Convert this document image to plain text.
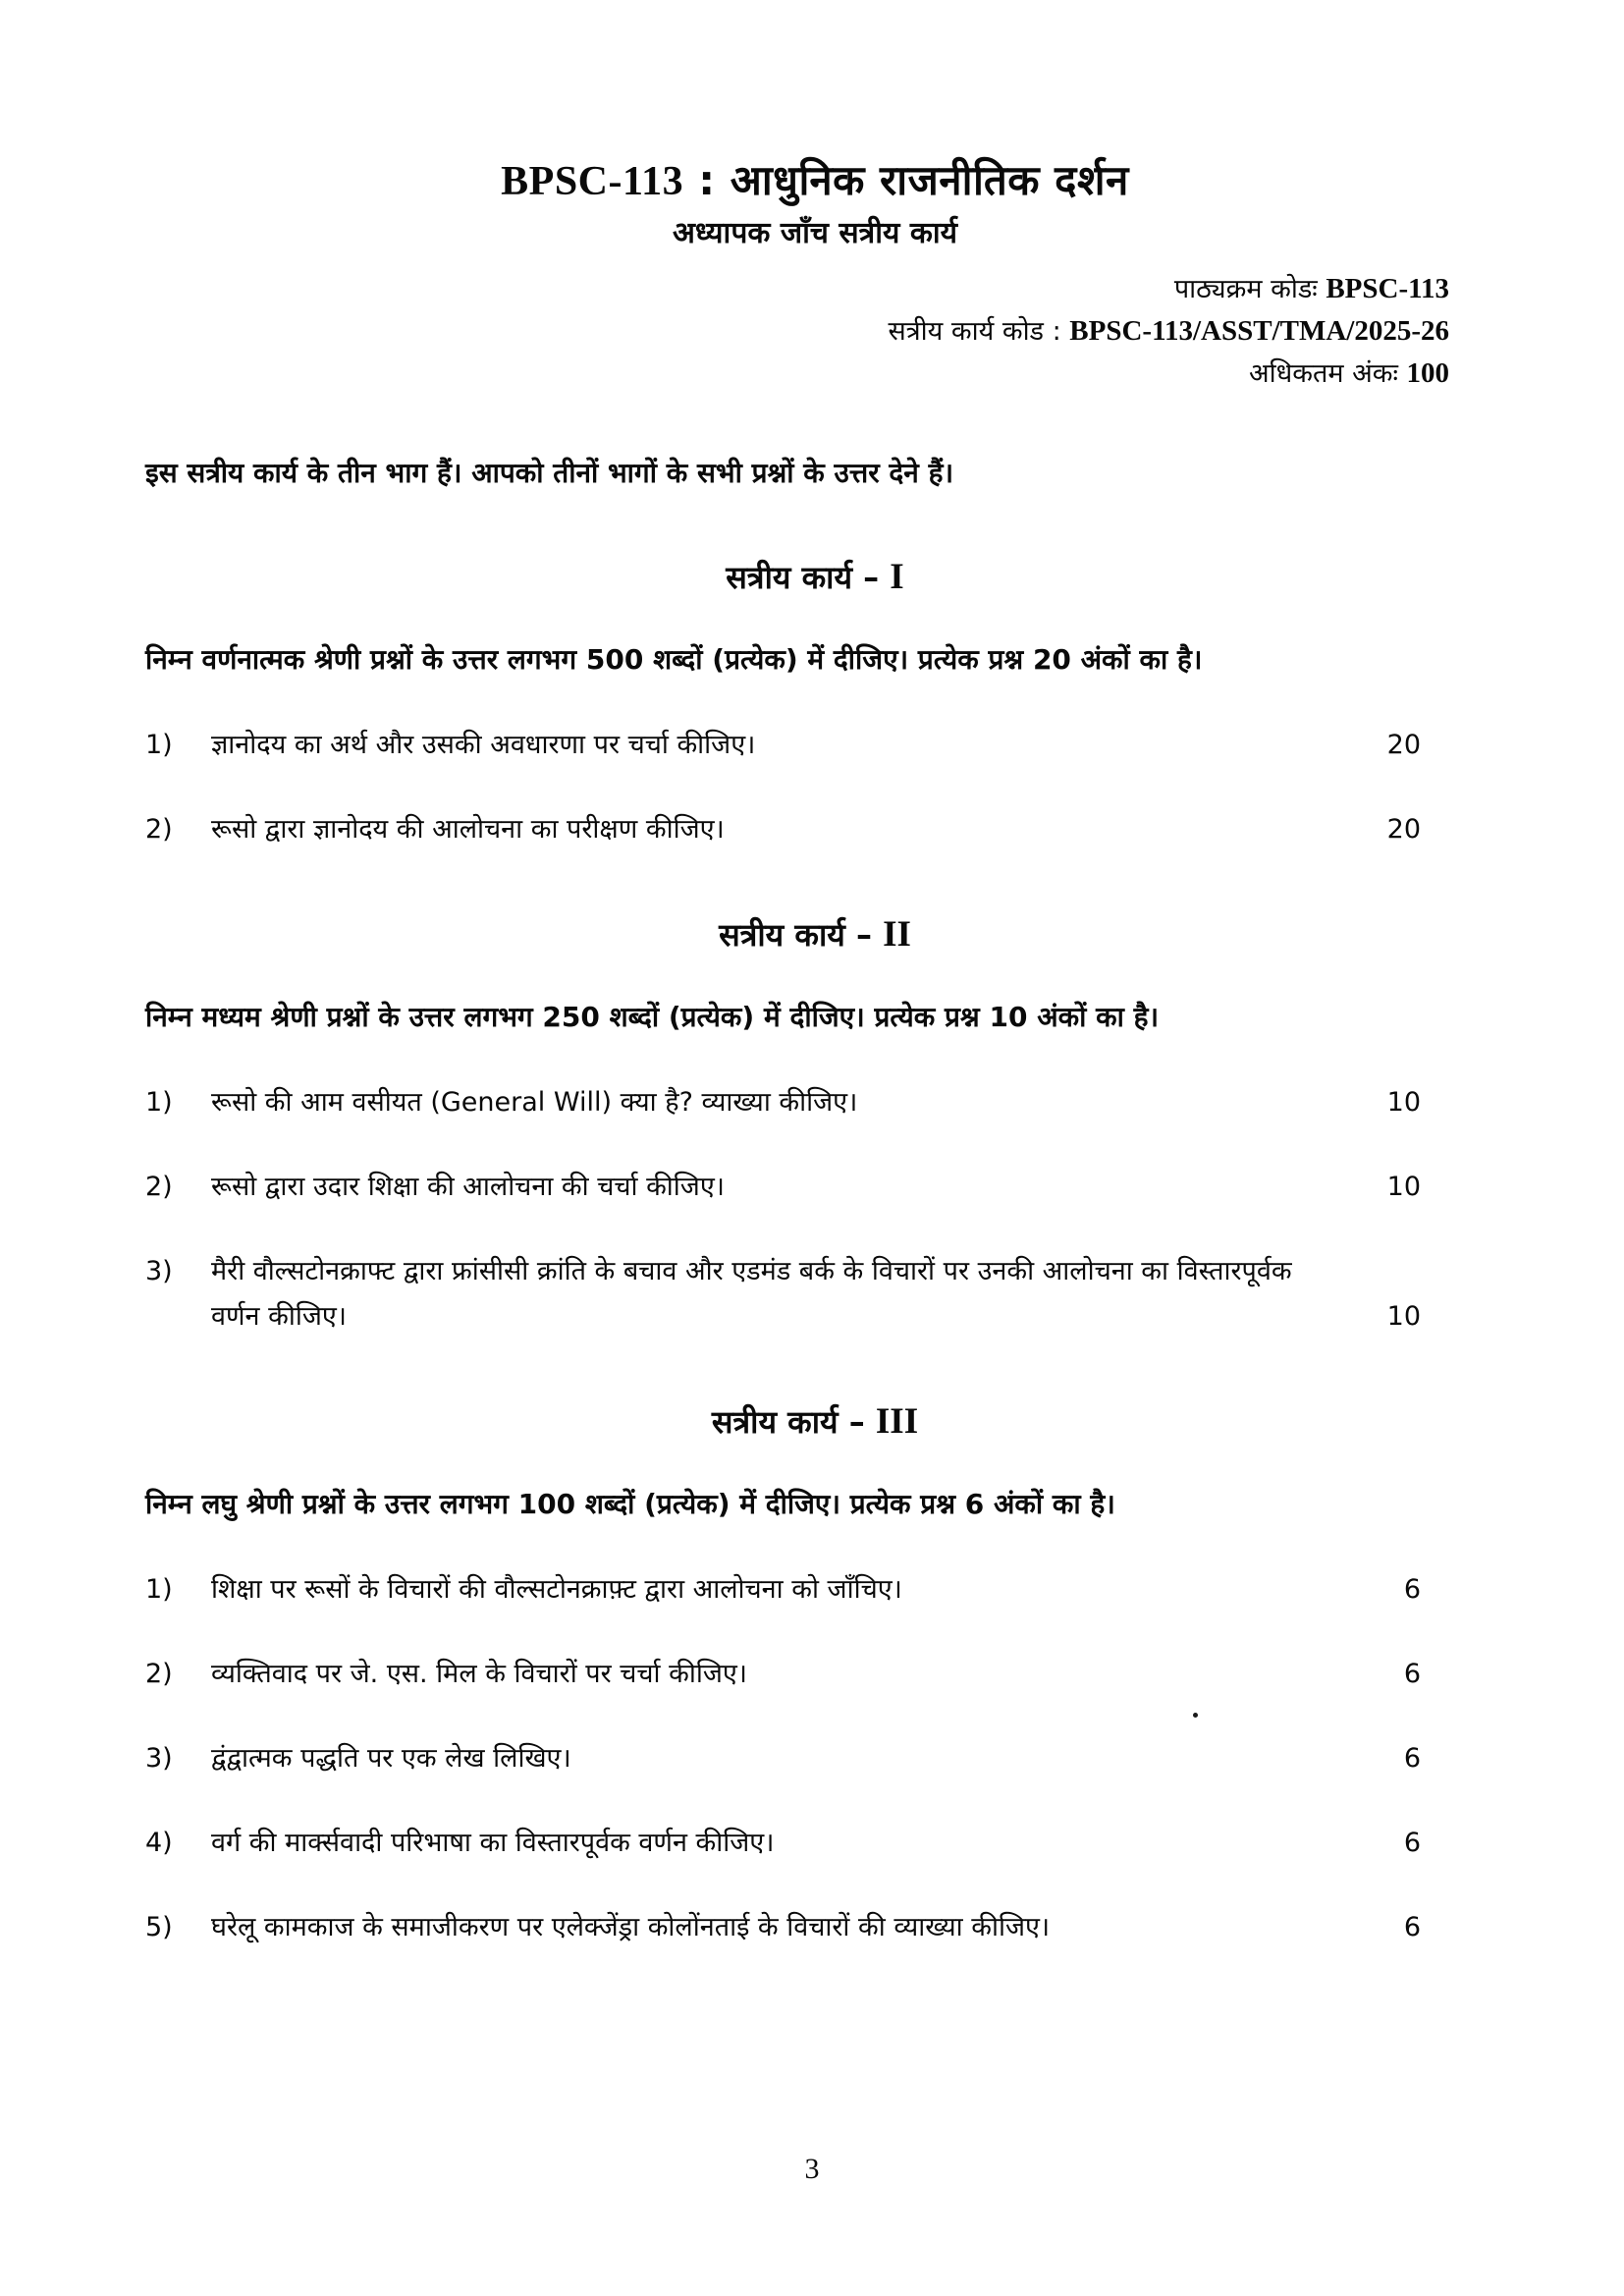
BPSC-113 : आधुनिक राजनीतिक दर्शन
अध्यापक जाँच सत्रीय कार्य
पाठ्यक्रम कोडः BPSC-113
सत्रीय कार्य कोड : BPSC-113/ASST/TMA/2025-26
अधिकतम अंकः 100
इस सत्रीय कार्य के तीन भाग हैं। आपको तीनों भागों के सभी प्रश्नों के उत्तर देने हैं।
सत्रीय कार्य – I
निम्न वर्णनात्मक श्रेणी प्रश्नों के उत्तर लगभग 500 शब्दों (प्रत्येक) में दीजिए। प्रत्येक प्रश्न 20 अंकों का है।
1)	ज्ञानोदय का अर्थ और उसकी अवधारणा पर चर्चा कीजिए।	20
2)	रूसो द्वारा ज्ञानोदय की आलोचना का परीक्षण कीजिए।	20
सत्रीय कार्य – II
निम्न मध्यम श्रेणी प्रश्नों के उत्तर लगभग 250 शब्दों (प्रत्येक) में दीजिए। प्रत्येक प्रश्न 10 अंकों का है।
1)	रूसो की आम वसीयत (General Will) क्या है? व्याख्या कीजिए।	10
2)	रूसो द्वारा उदार शिक्षा की आलोचना की चर्चा कीजिए।	10
3)	मैरी वौल्सटोनक्राफ्ट द्वारा फ्रांसीसी क्रांति के बचाव और एडमंड बर्क के विचारों पर उनकी आलोचना का विस्तारपूर्वक वर्णन कीजिए।	10
सत्रीय कार्य – III
निम्न लघु श्रेणी प्रश्नों के उत्तर लगभग 100 शब्दों (प्रत्येक) में दीजिए। प्रत्येक प्रश्न 6 अंकों का है।
1)	शिक्षा पर रूसों के विचारों की वौल्सटोनक्राफ़्ट द्वारा आलोचना को जाँचिए।	6
2)	व्यक्तिवाद पर जे. एस. मिल के विचारों पर चर्चा कीजिए।	6
3)	द्वंद्वात्मक पद्धति पर एक लेख लिखिए।	6
4)	वर्ग की मार्क्सवादी परिभाषा का विस्तारपूर्वक वर्णन कीजिए।	6
5)	घरेलू कामकाज के समाजीकरण पर एलेक्जेंड्रा कोलोंनताई के विचारों की व्याख्या कीजिए।	6
3
